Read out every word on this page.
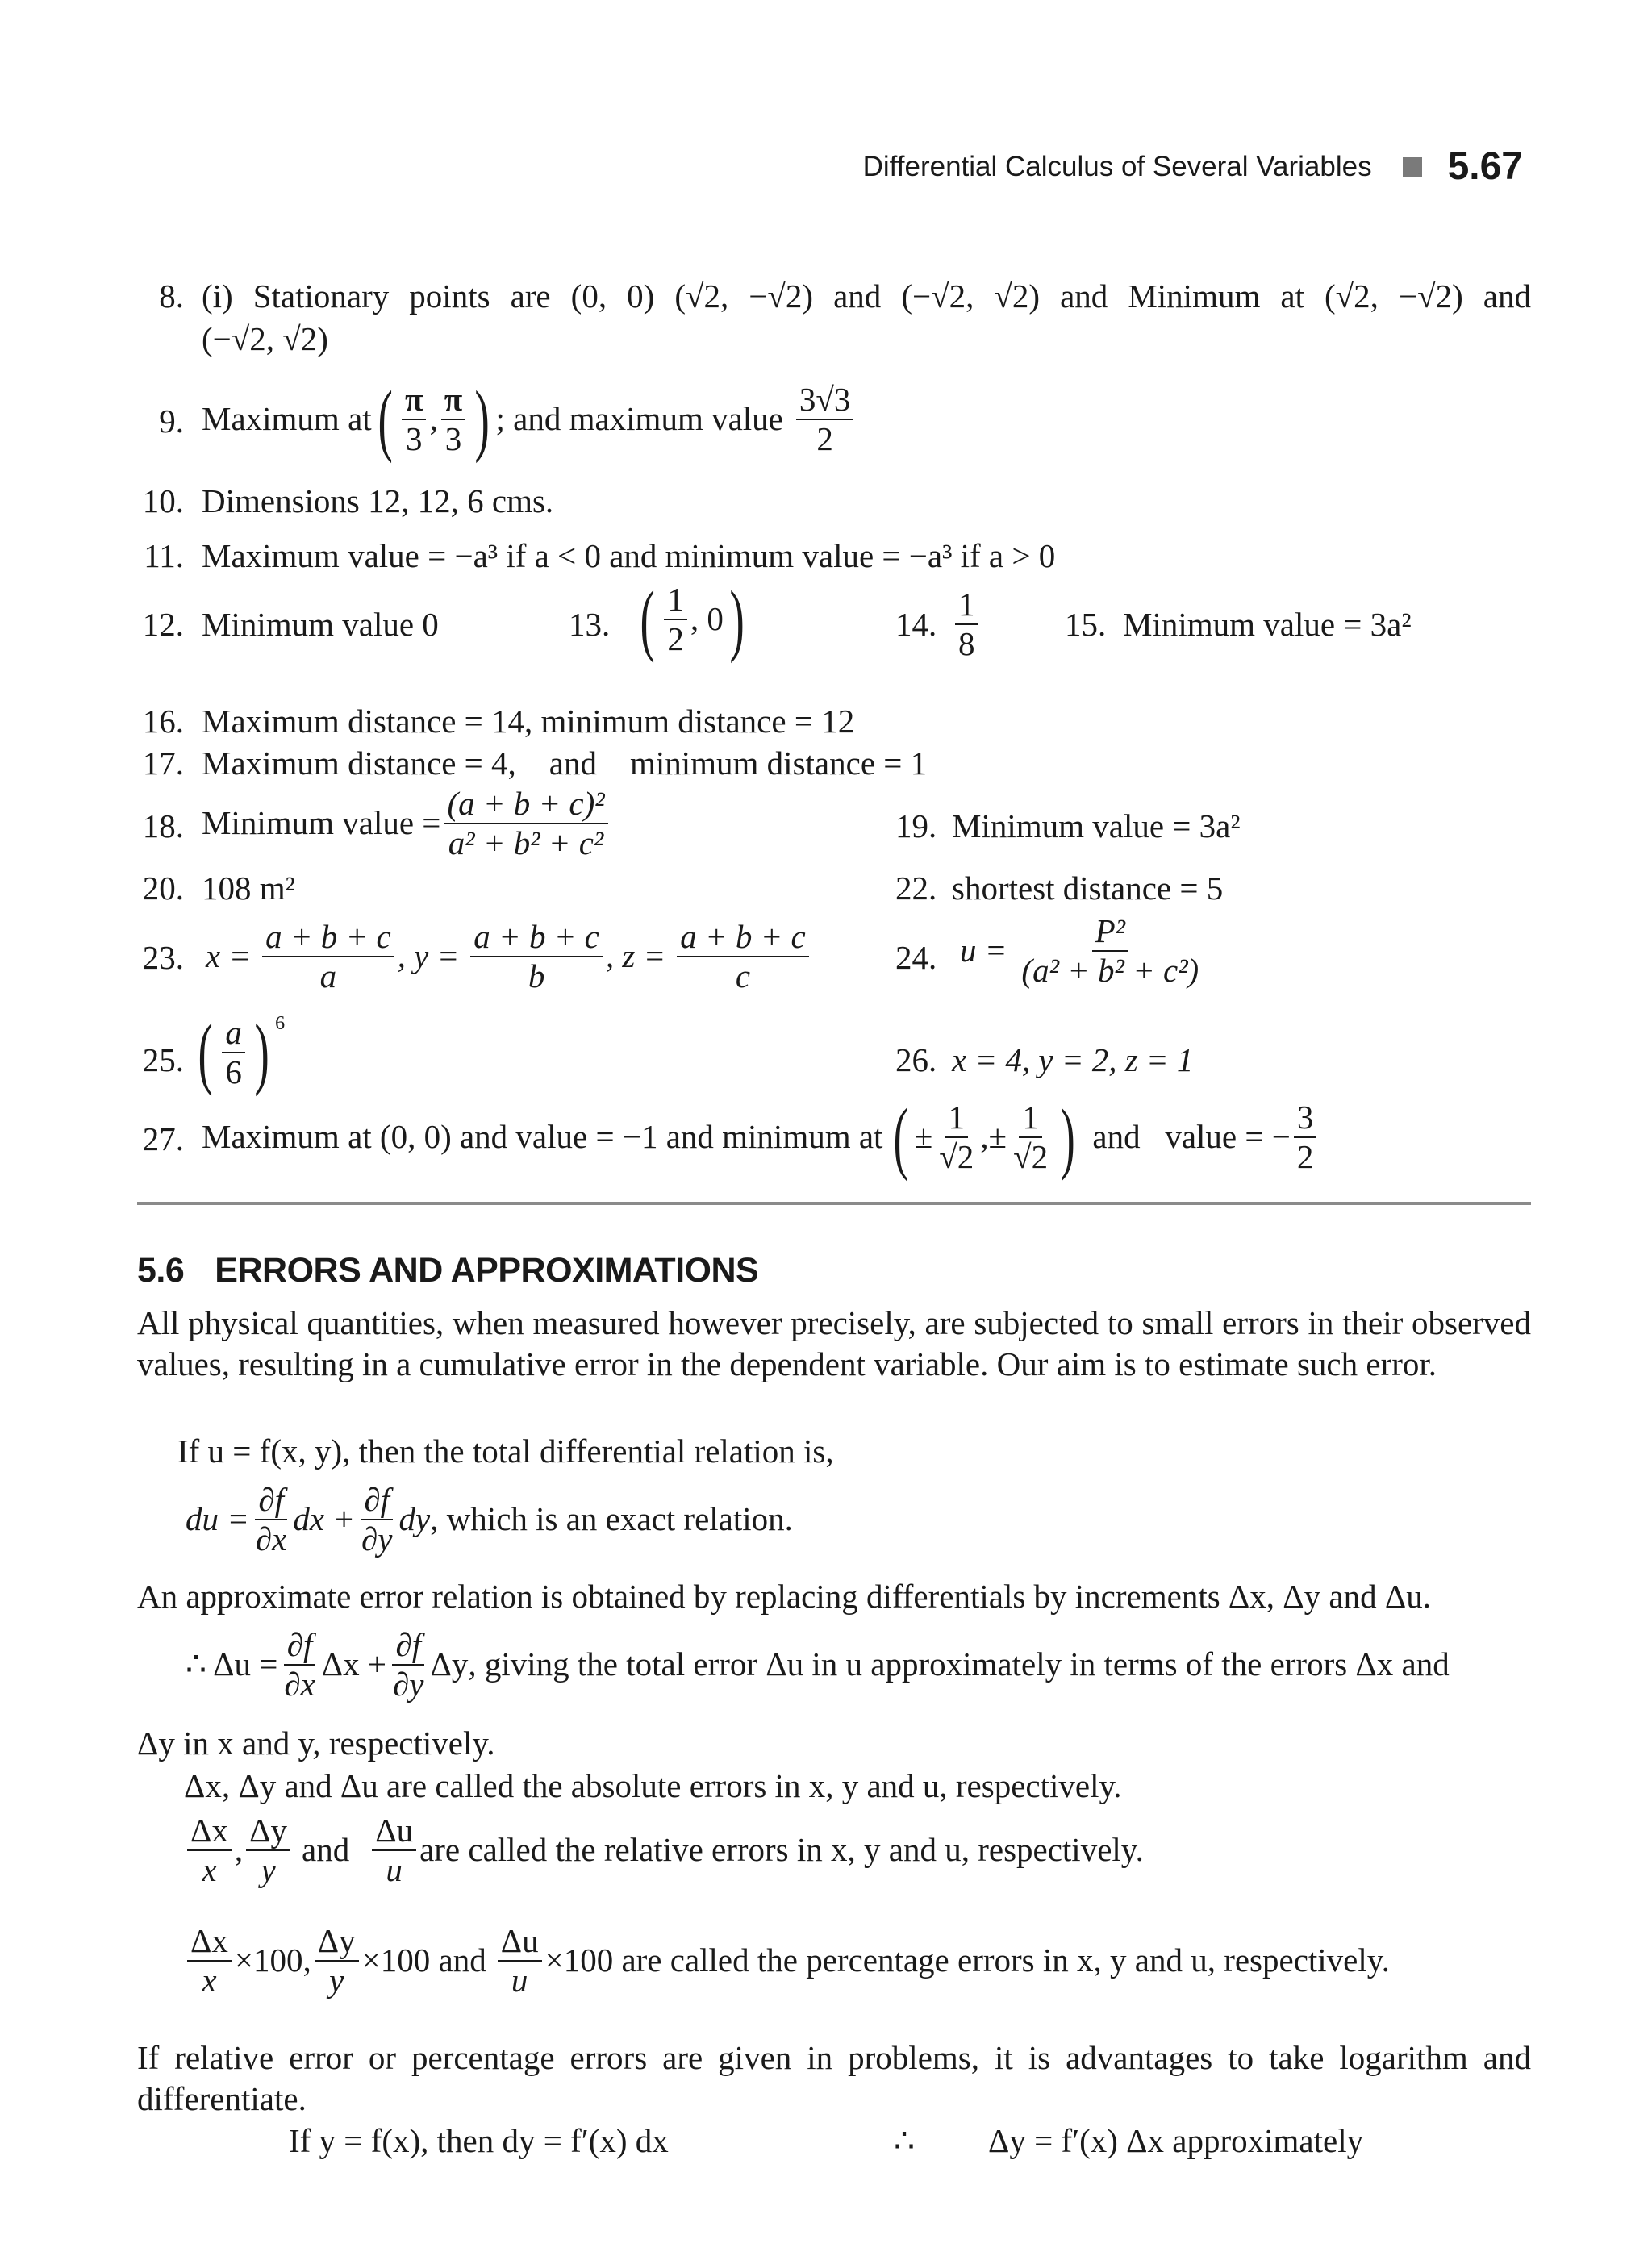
Differential Calculus of Several Variables 5.67
8. (i) Stationary points are (0, 0) (√2, −√2) and (−√2, √2) and Minimum at (√2, −√2) and
(−√2, √2)
9. Maximum at ( $\frac{\pi}{3}$ , $\frac{\pi}{3}$ ) ; and maximum value $\frac{3√3}{2}$
10. Dimensions 12, 12, 6 cms.
11. Maximum value = −a³ if a < 0 and minimum value = −a³ if a > 0
12. Minimum value 0	13. ( $\frac{1}{2}$ , 0 )	14. $\frac{1}{8}$	15. Minimum value = 3a²
16. Maximum distance = 14, minimum distance = 12
17. Maximum distance = 4,    and    minimum distance = 1
18. Minimum value = $\frac{\text{(a + b + c)²}}{\text{a² + b² + c²}}$	19. Minimum value = 3a²
20. 108 m²	22. shortest distance = 5
23. $x = \frac{a + b + c}{a}$ , $y = \frac{a + b + c}{b}$ , $z = \frac{a + b + c}{c}$	24. $u = \frac{\text{P²}}{\text{(a² + b² + c²)}}$
25. ( $\frac{a}{6}$ ) 6
26. x = 4, y = 2, z = 1
27. Maximum at (0, 0) and value = −1 and minimum at ( ± $\frac{1}{√2}$ , ± $\frac{1}{√2}$ ) and   value = − $\frac{3}{2}$
5.6 ERRORS AND APPROXIMATIONS
All physical quantities, when measured however precisely, are subjected to small errors in their observed values, resulting in a cumulative error in the dependent variable. Our aim is to estimate such error.
If u = f(x, y), then the total differential relation is,
du = $\frac{\partial f}{\partial x}$ dx + $\frac{\partial f}{\partial y}$ dy , which is an exact relation.
An approximate error relation is obtained by replacing differentials by increments Δx, Δy and Δu.
∴ $\Delta u = \frac{\partial f}{\partial x}$ $\Delta x + \frac{\partial f}{\partial y}$ Δy , giving the total error Δu in u approximately in terms of the errors Δx and
Δy in x and y, respectively.
Δx, Δy and Δu are called the absolute errors in x, y and u, respectively.
$\frac{\Delta x}{x}$ , $\frac{\Delta y}{y}$ and $\frac{\Delta u}{u}$ are called the relative errors in x, y and u, respectively.
$\frac{\Delta x}{x} \times 100$, $\frac{\Delta y}{y} \times 100$ and $\frac{\Delta u}{u} \times 100$ are called the percentage errors in x, y and u, respectively.
If relative error or percentage errors are given in problems, it is advantages to take logarithm and differentiate.
If y = f(x), then dy = f′(x) dx	∴ Δy = f′(x) Δx approximately
